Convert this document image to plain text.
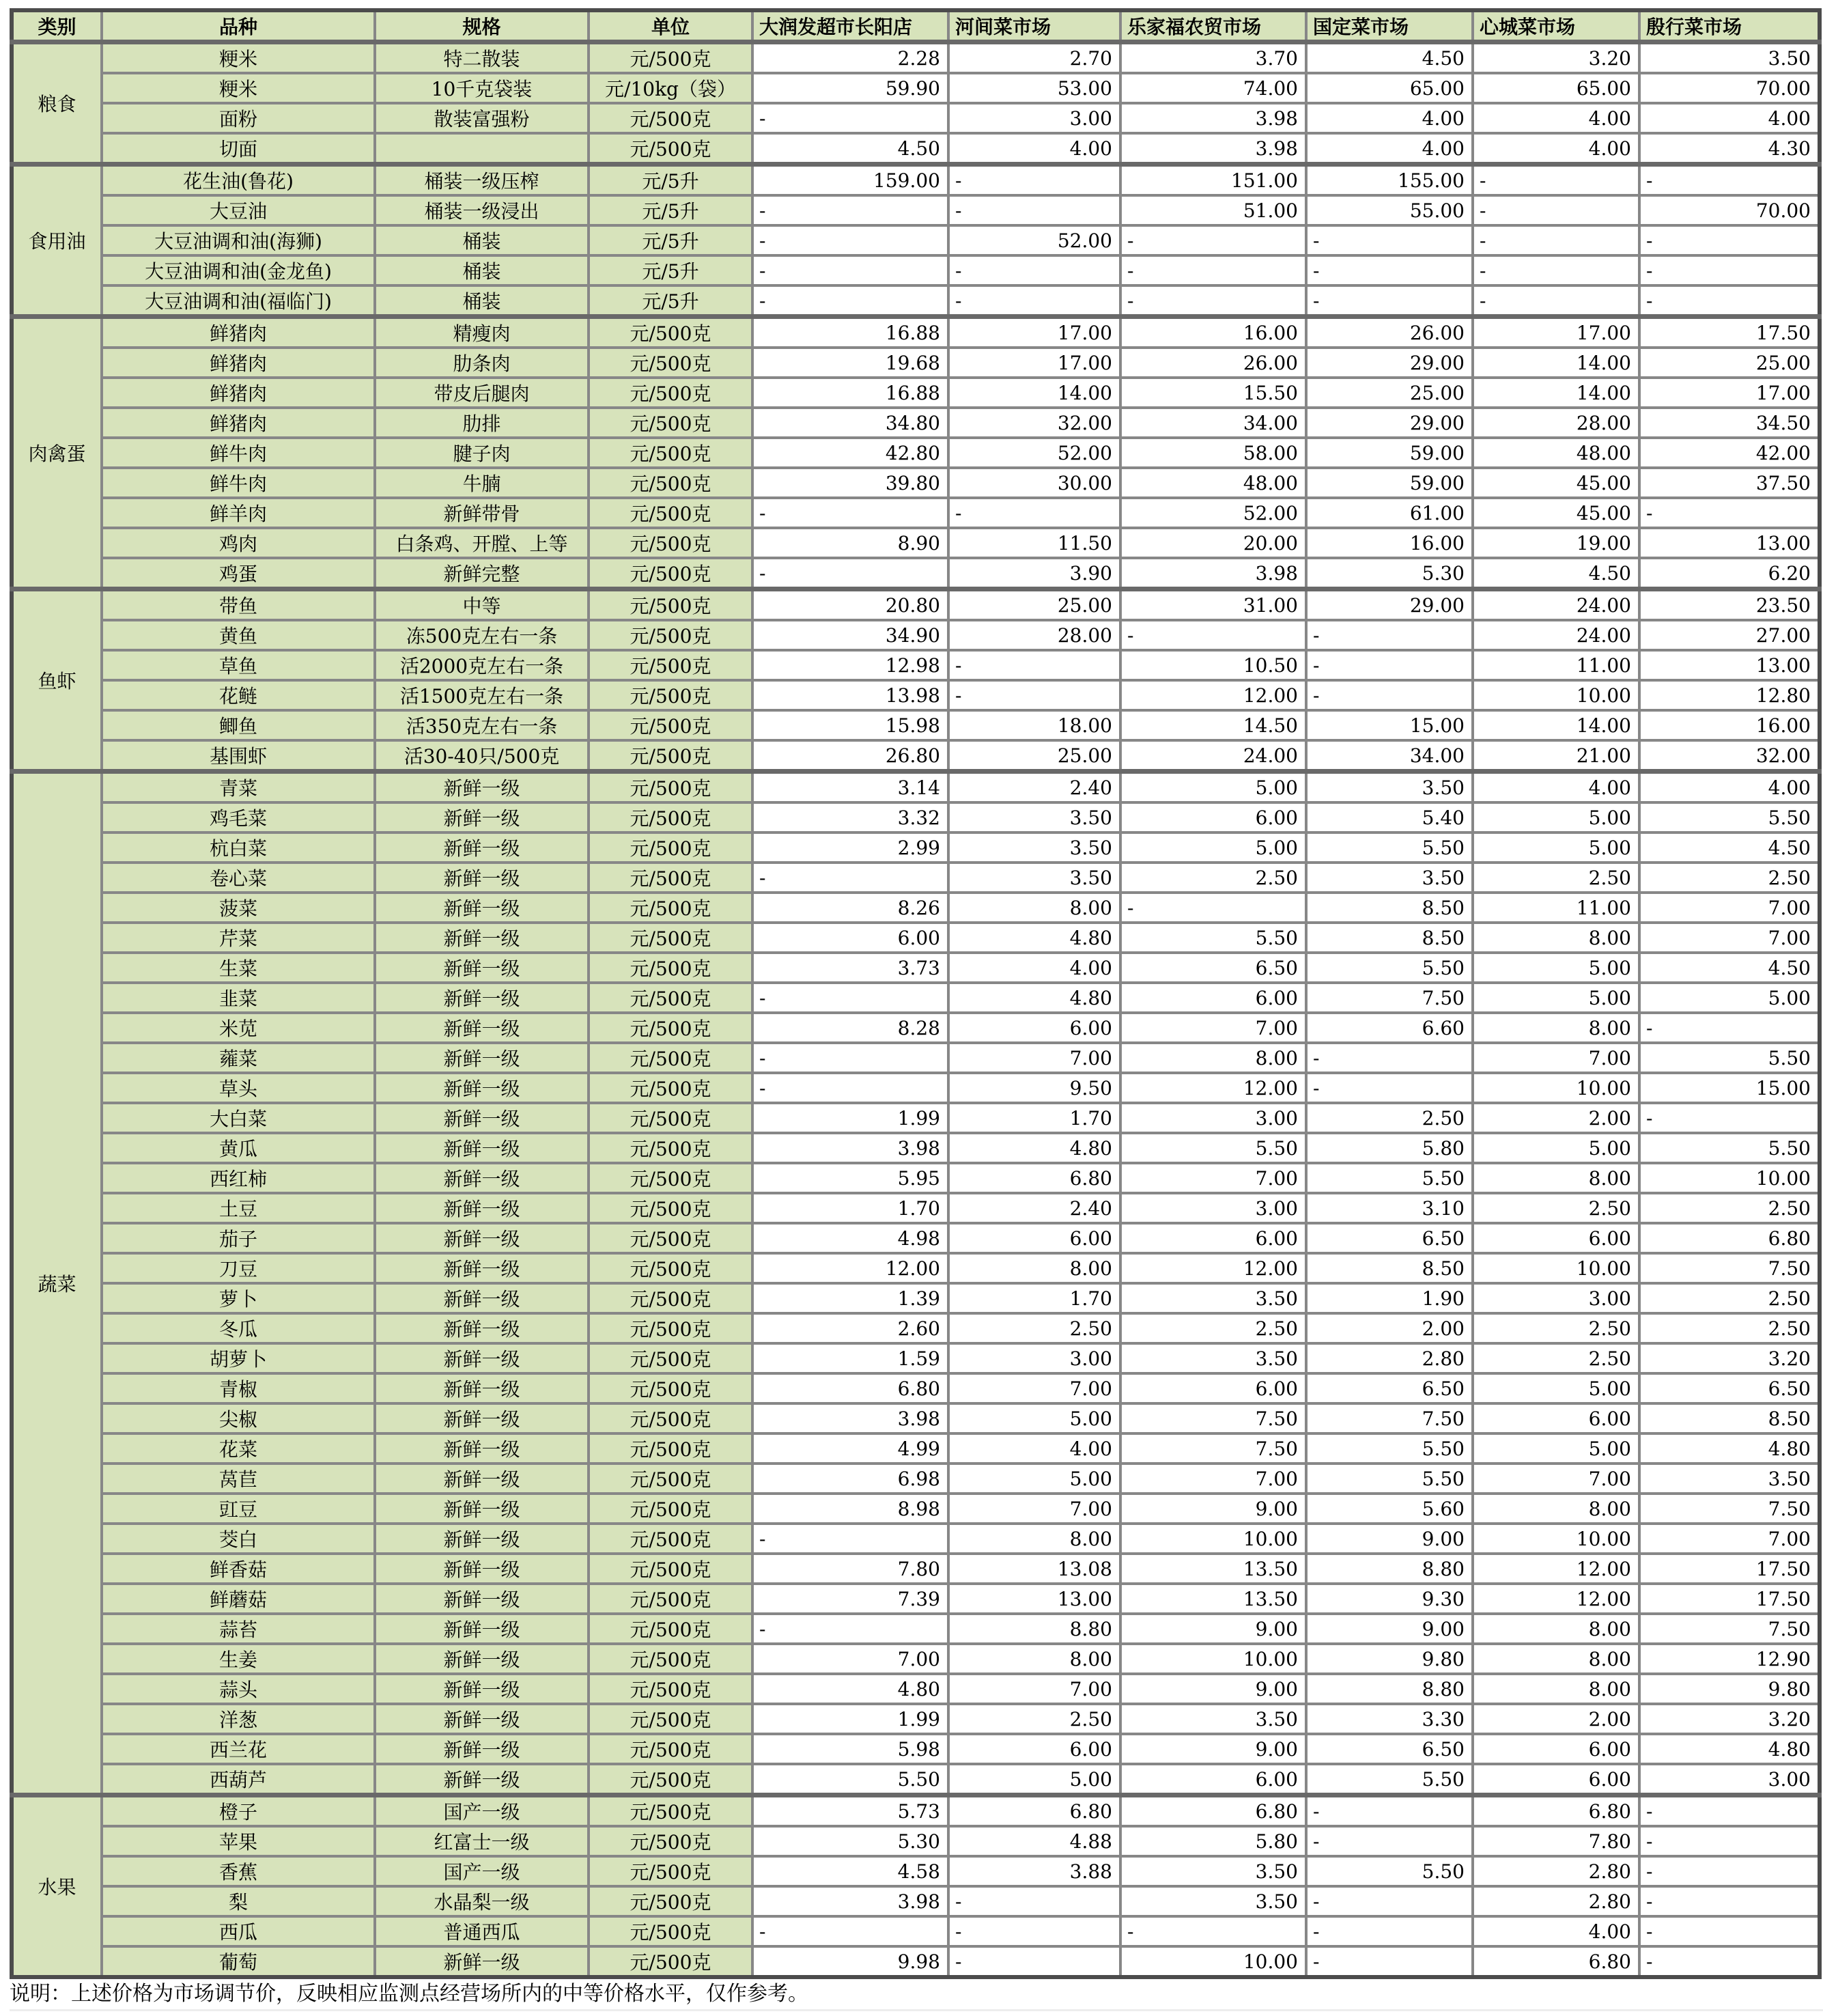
类别	品种	规格	单位	大润发超市长阳店	河间菜市场	乐家福农贸市场	国定菜市场	心城菜市场	殷行菜市场
粮食	粳米	特二散装	元/500克	2.28	2.70	3.70	4.50	3.20	3.50
	粳米	10千克袋装	元/10kg（袋）	59.90	53.00	74.00	65.00	65.00	70.00
	面粉	散装富强粉	元/500克	-	3.00	3.98	4.00	4.00	4.00
	切面		元/500克	4.50	4.00	3.98	4.00	4.00	4.30
食用油	花生油(鲁花)	桶装一级压榨	元/5升	159.00	-	151.00	155.00	-	-
	大豆油	桶装一级浸出	元/5升	-	-	51.00	55.00	-	70.00
	大豆油调和油(海狮)	桶装	元/5升	-	52.00	-	-	-	-
	大豆油调和油(金龙鱼)	桶装	元/5升	-	-	-	-	-	-
	大豆油调和油(福临门)	桶装	元/5升	-	-	-	-	-	-
肉禽蛋	鲜猪肉	精瘦肉	元/500克	16.88	17.00	16.00	26.00	17.00	17.50
	鲜猪肉	肋条肉	元/500克	19.68	17.00	26.00	29.00	14.00	25.00
	鲜猪肉	带皮后腿肉	元/500克	16.88	14.00	15.50	25.00	14.00	17.00
	鲜猪肉	肋排	元/500克	34.80	32.00	34.00	29.00	28.00	34.50
	鲜牛肉	腱子肉	元/500克	42.80	52.00	58.00	59.00	48.00	42.00
	鲜牛肉	牛腩	元/500克	39.80	30.00	48.00	59.00	45.00	37.50
	鲜羊肉	新鲜带骨	元/500克	-	-	52.00	61.00	45.00	-
	鸡肉	白条鸡、开膛、上等	元/500克	8.90	11.50	20.00	16.00	19.00	13.00
	鸡蛋	新鲜完整	元/500克	-	3.90	3.98	5.30	4.50	6.20
鱼虾	带鱼	中等	元/500克	20.80	25.00	31.00	29.00	24.00	23.50
	黄鱼	冻500克左右一条	元/500克	34.90	28.00	-	-	24.00	27.00
	草鱼	活2000克左右一条	元/500克	12.98	-	10.50	-	11.00	13.00
	花鲢	活1500克左右一条	元/500克	13.98	-	12.00	-	10.00	12.80
	鲫鱼	活350克左右一条	元/500克	15.98	18.00	14.50	15.00	14.00	16.00
	基围虾	活30-40只/500克	元/500克	26.80	25.00	24.00	34.00	21.00	32.00
蔬菜	青菜	新鲜一级	元/500克	3.14	2.40	5.00	3.50	4.00	4.00
	鸡毛菜	新鲜一级	元/500克	3.32	3.50	6.00	5.40	5.00	5.50
	杭白菜	新鲜一级	元/500克	2.99	3.50	5.00	5.50	5.00	4.50
	卷心菜	新鲜一级	元/500克	-	3.50	2.50	3.50	2.50	2.50
	菠菜	新鲜一级	元/500克	8.26	8.00	-	8.50	11.00	7.00
	芹菜	新鲜一级	元/500克	6.00	4.80	5.50	8.50	8.00	7.00
	生菜	新鲜一级	元/500克	3.73	4.00	6.50	5.50	5.00	4.50
	韭菜	新鲜一级	元/500克	-	4.80	6.00	7.50	5.00	5.00
	米苋	新鲜一级	元/500克	8.28	6.00	7.00	6.60	8.00	-
	蕹菜	新鲜一级	元/500克	-	7.00	8.00	-	7.00	5.50
	草头	新鲜一级	元/500克	-	9.50	12.00	-	10.00	15.00
	大白菜	新鲜一级	元/500克	1.99	1.70	3.00	2.50	2.00	-
	黄瓜	新鲜一级	元/500克	3.98	4.80	5.50	5.80	5.00	5.50
	西红柿	新鲜一级	元/500克	5.95	6.80	7.00	5.50	8.00	10.00
	土豆	新鲜一级	元/500克	1.70	2.40	3.00	3.10	2.50	2.50
	茄子	新鲜一级	元/500克	4.98	6.00	6.00	6.50	6.00	6.80
	刀豆	新鲜一级	元/500克	12.00	8.00	12.00	8.50	10.00	7.50
	萝卜	新鲜一级	元/500克	1.39	1.70	3.50	1.90	3.00	2.50
	冬瓜	新鲜一级	元/500克	2.60	2.50	2.50	2.00	2.50	2.50
	胡萝卜	新鲜一级	元/500克	1.59	3.00	3.50	2.80	2.50	3.20
	青椒	新鲜一级	元/500克	6.80	7.00	6.00	6.50	5.00	6.50
	尖椒	新鲜一级	元/500克	3.98	5.00	7.50	7.50	6.00	8.50
	花菜	新鲜一级	元/500克	4.99	4.00	7.50	5.50	5.00	4.80
	莴苣	新鲜一级	元/500克	6.98	5.00	7.00	5.50	7.00	3.50
	豇豆	新鲜一级	元/500克	8.98	7.00	9.00	5.60	8.00	7.50
	茭白	新鲜一级	元/500克	-	8.00	10.00	9.00	10.00	7.00
	鲜香菇	新鲜一级	元/500克	7.80	13.08	13.50	8.80	12.00	17.50
	鲜蘑菇	新鲜一级	元/500克	7.39	13.00	13.50	9.30	12.00	17.50
	蒜苔	新鲜一级	元/500克	-	8.80	9.00	9.00	8.00	7.50
	生姜	新鲜一级	元/500克	7.00	8.00	10.00	9.80	8.00	12.90
	蒜头	新鲜一级	元/500克	4.80	7.00	9.00	8.80	8.00	9.80
	洋葱	新鲜一级	元/500克	1.99	2.50	3.50	3.30	2.00	3.20
	西兰花	新鲜一级	元/500克	5.98	6.00	9.00	6.50	6.00	4.80
	西葫芦	新鲜一级	元/500克	5.50	5.00	6.00	5.50	6.00	3.00
水果	橙子	国产一级	元/500克	5.73	6.80	6.80	-	6.80	-
	苹果	红富士一级	元/500克	5.30	4.88	5.80	-	7.80	-
	香蕉	国产一级	元/500克	4.58	3.88	3.50	5.50	2.80	-
	梨	水晶梨一级	元/500克	3.98	-	3.50	-	2.80	-
	西瓜	普通西瓜	元/500克	-	-	-	-	4.00	-
	葡萄	新鲜一级	元/500克	9.98	-	10.00	-	6.80	-
说明：上述价格为市场调节价，反映相应监测点经营场所内的中等价格水平，仅作参考。
